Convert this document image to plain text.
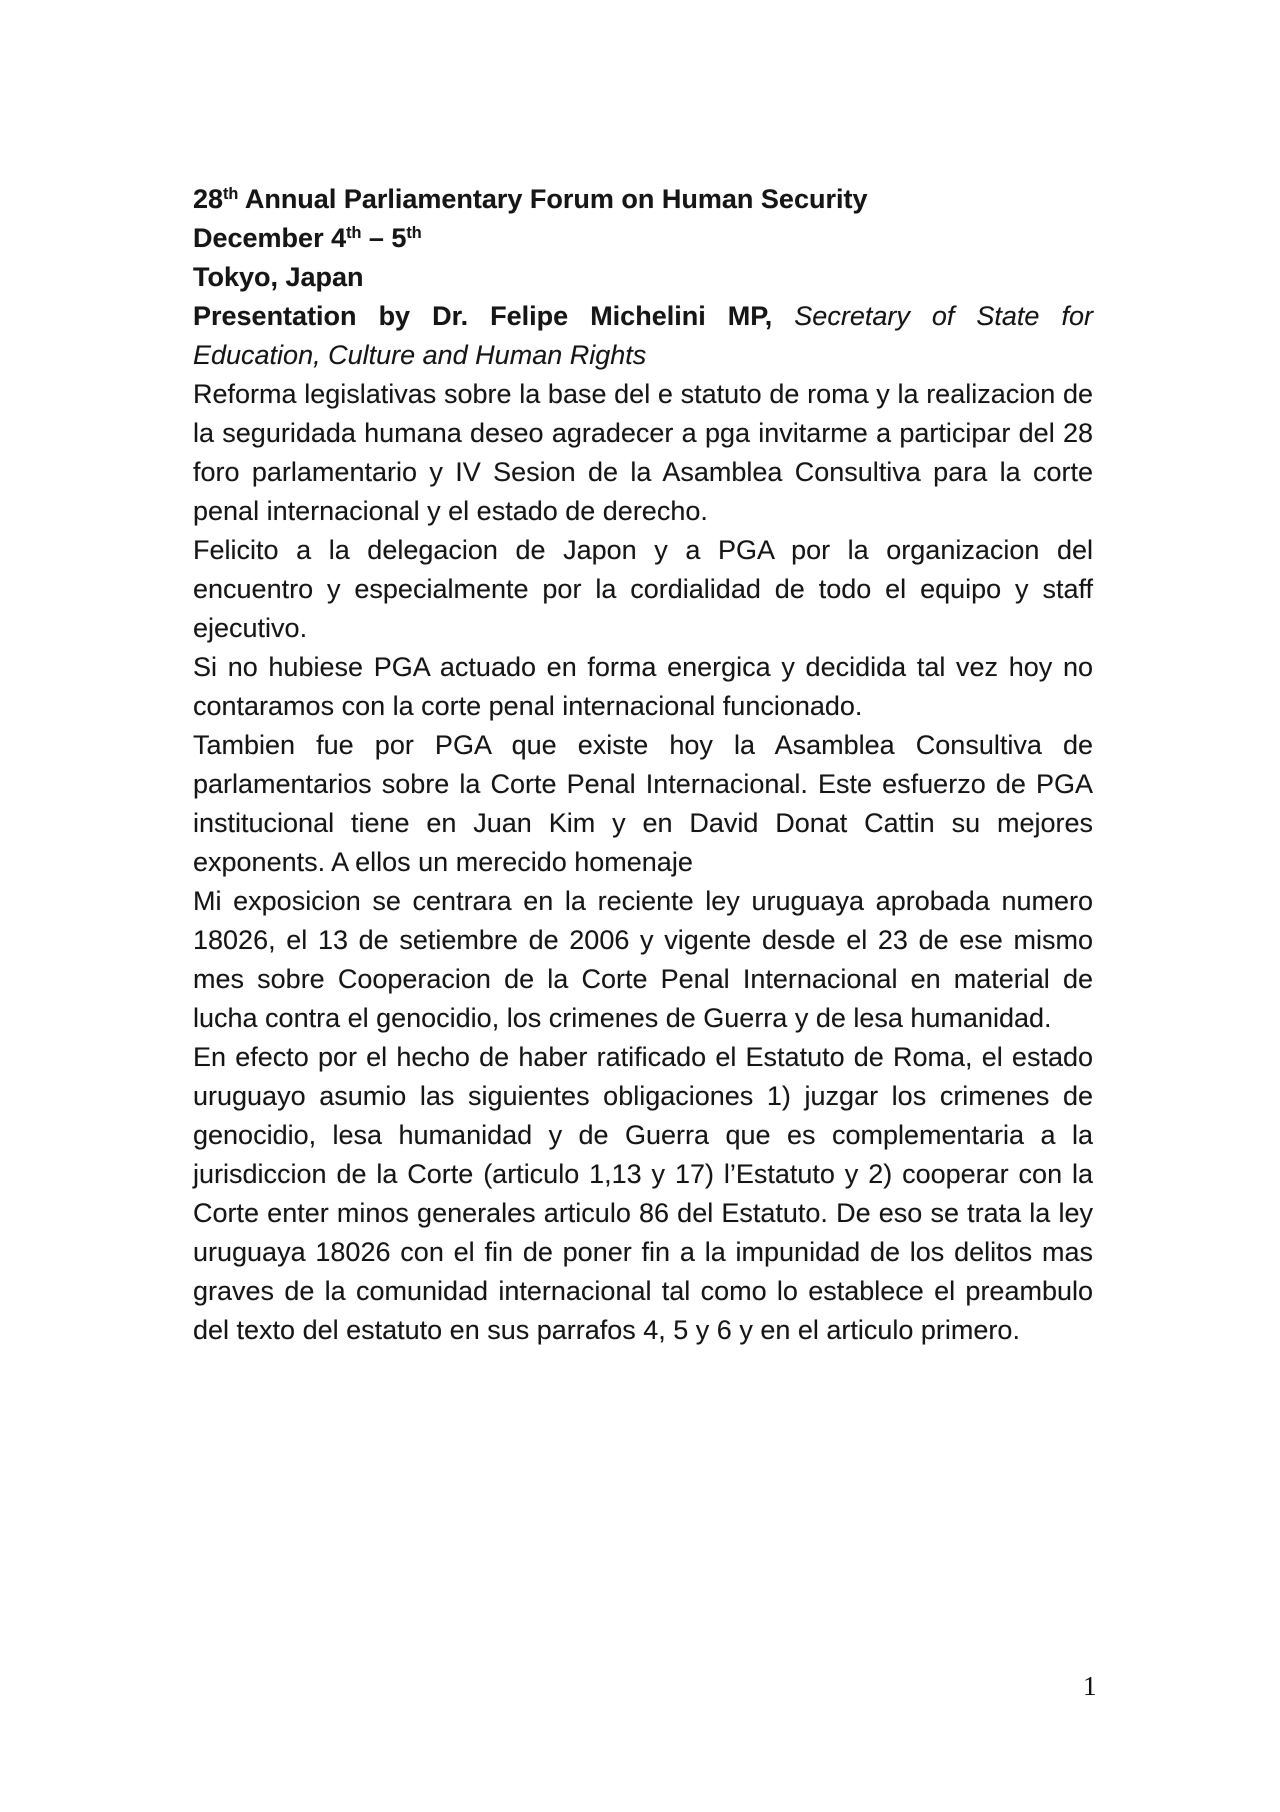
28th Annual Parliamentary Forum on Human Security

December 4th – 5th

Tokyo, Japan

Presentation by Dr. Felipe Michelini MP, Secretary of State for Education, Culture and Human Rights

Reforma legislativas sobre la base del e statuto de roma y la realizacion de la seguridada humana deseo agradecer a pga invitarme a participar del 28 foro parlamentario y IV Sesion de la Asamblea Consultiva para la corte penal internacional y el estado de derecho.

Felicito a la delegacion de Japon y a PGA por la organizacion del encuentro y especialmente por la cordialidad de todo el equipo y staff ejecutivo.

Si no hubiese PGA actuado en forma energica y decidida tal vez hoy no contaramos con la corte penal internacional funcionado.

Tambien fue por PGA que existe hoy la Asamblea Consultiva de parlamentarios sobre la Corte Penal Internacional. Este esfuerzo de PGA institucional tiene en Juan Kim y en David Donat Cattin su mejores exponents. A ellos un merecido homenaje

Mi exposicion se centrara en la reciente ley uruguaya aprobada numero 18026, el 13 de setiembre de 2006 y vigente desde el 23 de ese mismo mes sobre Cooperacion de la Corte Penal Internacional en material de lucha contra el genocidio, los crimenes de Guerra y de lesa humanidad.

En efecto por el hecho de haber ratificado el Estatuto de Roma, el estado uruguayo asumio las siguientes obligaciones 1) juzgar los crimenes de genocidio, lesa humanidad y de Guerra que es complementaria a la jurisdiccion de la Corte (articulo 1,13 y 17) l’Estatuto y 2) cooperar con la Corte enter minos generales articulo 86 del Estatuto. De eso se trata la ley uruguaya 18026 con el fin de poner fin a la impunidad de los delitos mas graves de la comunidad internacional tal como lo establece el preambulo del texto del estatuto en sus parrafos 4, 5 y 6 y en el articulo primero.

1
